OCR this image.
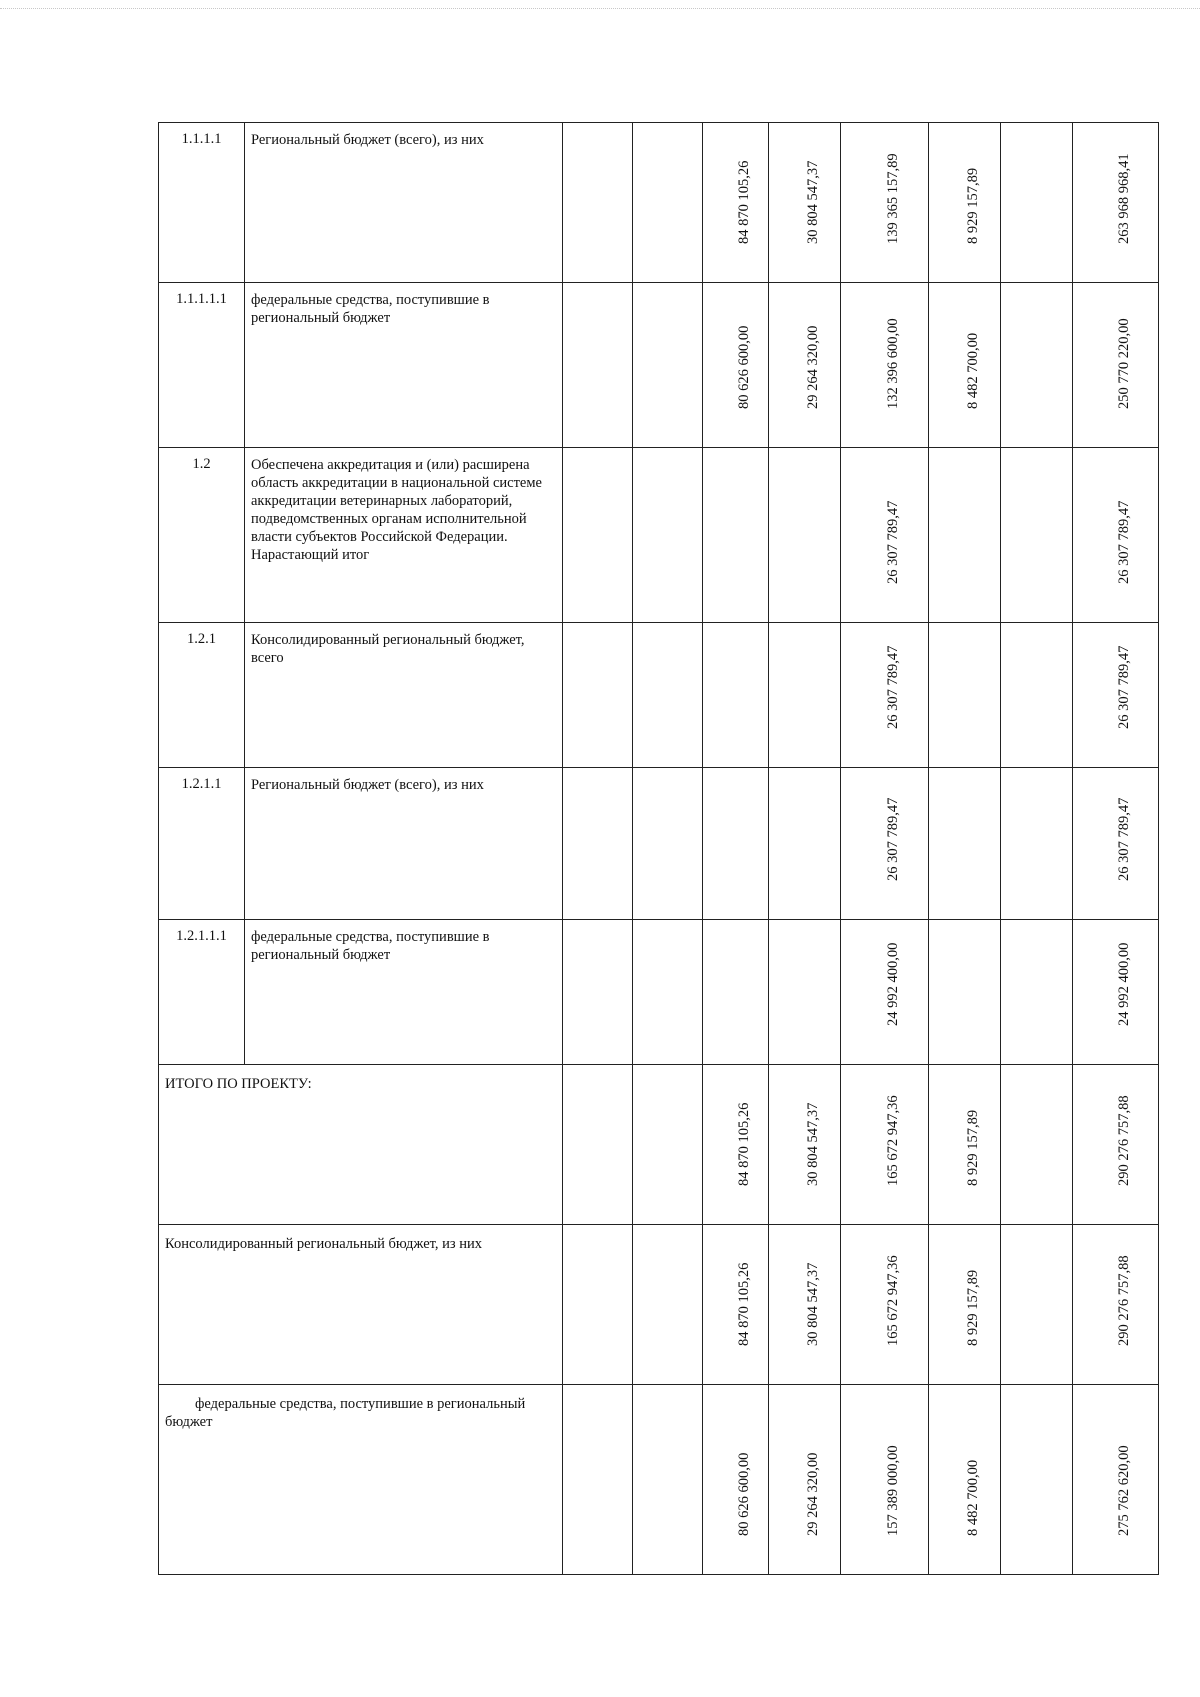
1.1.1.1	Региональный бюджет (всего), из них			84 870 105,26	30 804 547,37	139 365 157,89	8 929 157,89		263 968 968,41

1.1.1.1.1	федеральные средства, поступившие в региональный бюджет			80 626 600,00	29 264 320,00	132 396 600,00	8 482 700,00		250 770 220,00

1.2	Обеспечена аккредитация и (или) расширена область аккредитации в национальной системе аккредитации ветеринарных лабораторий, подведомственных органам исполнительной власти субъектов Российской Федерации. Нарастающий итог					26 307 789,47			26 307 789,47

1.2.1	Консолидированный региональный бюджет, всего					26 307 789,47			26 307 789,47

1.2.1.1	Региональный бюджет (всего), из них					26 307 789,47			26 307 789,47

1.2.1.1.1	федеральные средства, поступившие в региональный бюджет					24 992 400,00			24 992 400,00

ИТОГО ПО ПРОЕКТУ:				84 870 105,26	30 804 547,37	165 672 947,36	8 929 157,89		290 276 757,88

Консолидированный региональный бюджет, из них				84 870 105,26	30 804 547,37	165 672 947,36	8 929 157,89		290 276 757,88

федеральные средства, поступившие в региональный бюджет				80 626 600,00	29 264 320,00	157 389 000,00	8 482 700,00		275 762 620,00
